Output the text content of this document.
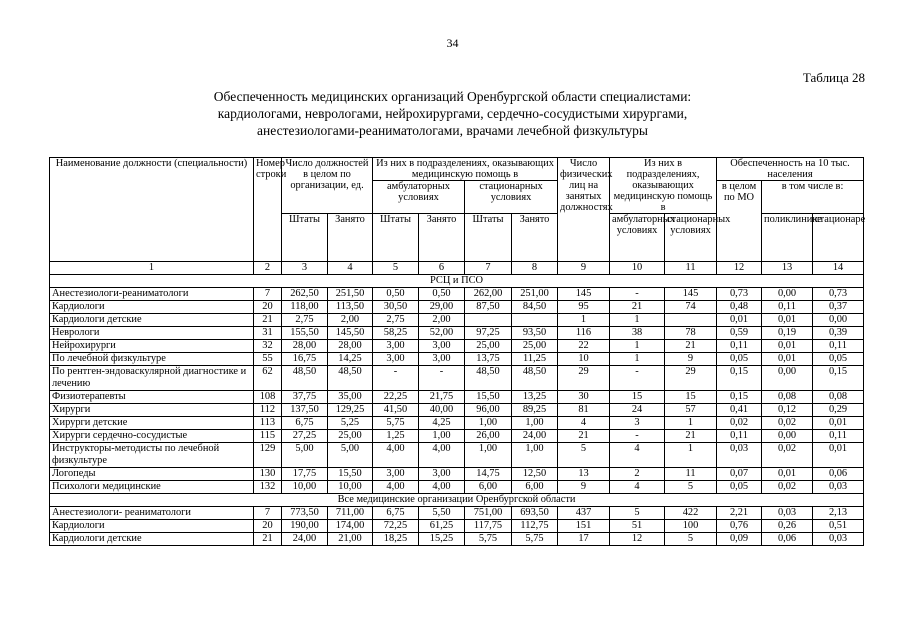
34
Таблица 28
Обеспеченность медицинских организаций Оренбургской области специалистами:
кардиологами, неврологами, нейрохирургами, сердечно-сосудистыми хирургами,
анестезиологами-реаниматологами, врачами лечебной физкультуры
Наименование должности (специальности)	Номер строки	Число должностей в целом по организации, ед.		Из них в подразделениях, оказывающих медицинскую помощь в				Число физических лиц на занятых должностях	Из них в подразделениях, оказывающих медицинскую помощь в		Обеспеченность на 10 тыс. населения		
				амбулаторных условиях		стационарных условиях					в целом по МО	в том числе в:	
		Штаты	Занято	Штаты	Занято	Штаты	Занято		амбулаторных условиях	стационарных условиях		поликлинике	стационаре
1	2	3	4	5	6	7	8	9	10	11	12	13	14
РСЦ и ПСО													
Анестезиологи-реаниматологи	7	262,50	251,50	0,50	0,50	262,00	251,00	145	-	145	0,73	0,00	0,73
Кардиологи	20	118,00	113,50	30,50	29,00	87,50	84,50	95	21	74	0,48	0,11	0,37
Кардиологи детские	21	2,75	2,00	2,75	2,00			1	1		0,01	0,01	0,00
Неврологи	31	155,50	145,50	58,25	52,00	97,25	93,50	116	38	78	0,59	0,19	0,39
Нейрохирурги	32	28,00	28,00	3,00	3,00	25,00	25,00	22	1	21	0,11	0,01	0,11
По лечебной физкультуре	55	16,75	14,25	3,00	3,00	13,75	11,25	10	1	9	0,05	0,01	0,05
По рентген-эндоваскулярной диагностике и лечению	62	48,50	48,50	-	-	48,50	48,50	29	-	29	0,15	0,00	0,15
Физиотерапевты	108	37,75	35,00	22,25	21,75	15,50	13,25	30	15	15	0,15	0,08	0,08
Хирурги	112	137,50	129,25	41,50	40,00	96,00	89,25	81	24	57	0,41	0,12	0,29
Хирурги детские	113	6,75	5,25	5,75	4,25	1,00	1,00	4	3	1	0,02	0,02	0,01
Хирурги сердечно-сосудистые	115	27,25	25,00	1,25	1,00	26,00	24,00	21	-	21	0,11	0,00	0,11
Инструкторы-методисты по лечебной физкультуре	129	5,00	5,00	4,00	4,00	1,00	1,00	5	4	1	0,03	0,02	0,01
Логопеды	130	17,75	15,50	3,00	3,00	14,75	12,50	13	2	11	0,07	0,01	0,06
Психологи медицинские	132	10,00	10,00	4,00	4,00	6,00	6,00	9	4	5	0,05	0,02	0,03
Все медицинские организации Оренбургской области													
Анестезиологи- реаниматологи	7	773,50	711,00	6,75	5,50	751,00	693,50	437	5	422	2,21	0,03	2,13
Кардиологи	20	190,00	174,00	72,25	61,25	117,75	112,75	151	51	100	0,76	0,26	0,51
Кардиологи детские	21	24,00	21,00	18,25	15,25	5,75	5,75	17	12	5	0,09	0,06	0,03
